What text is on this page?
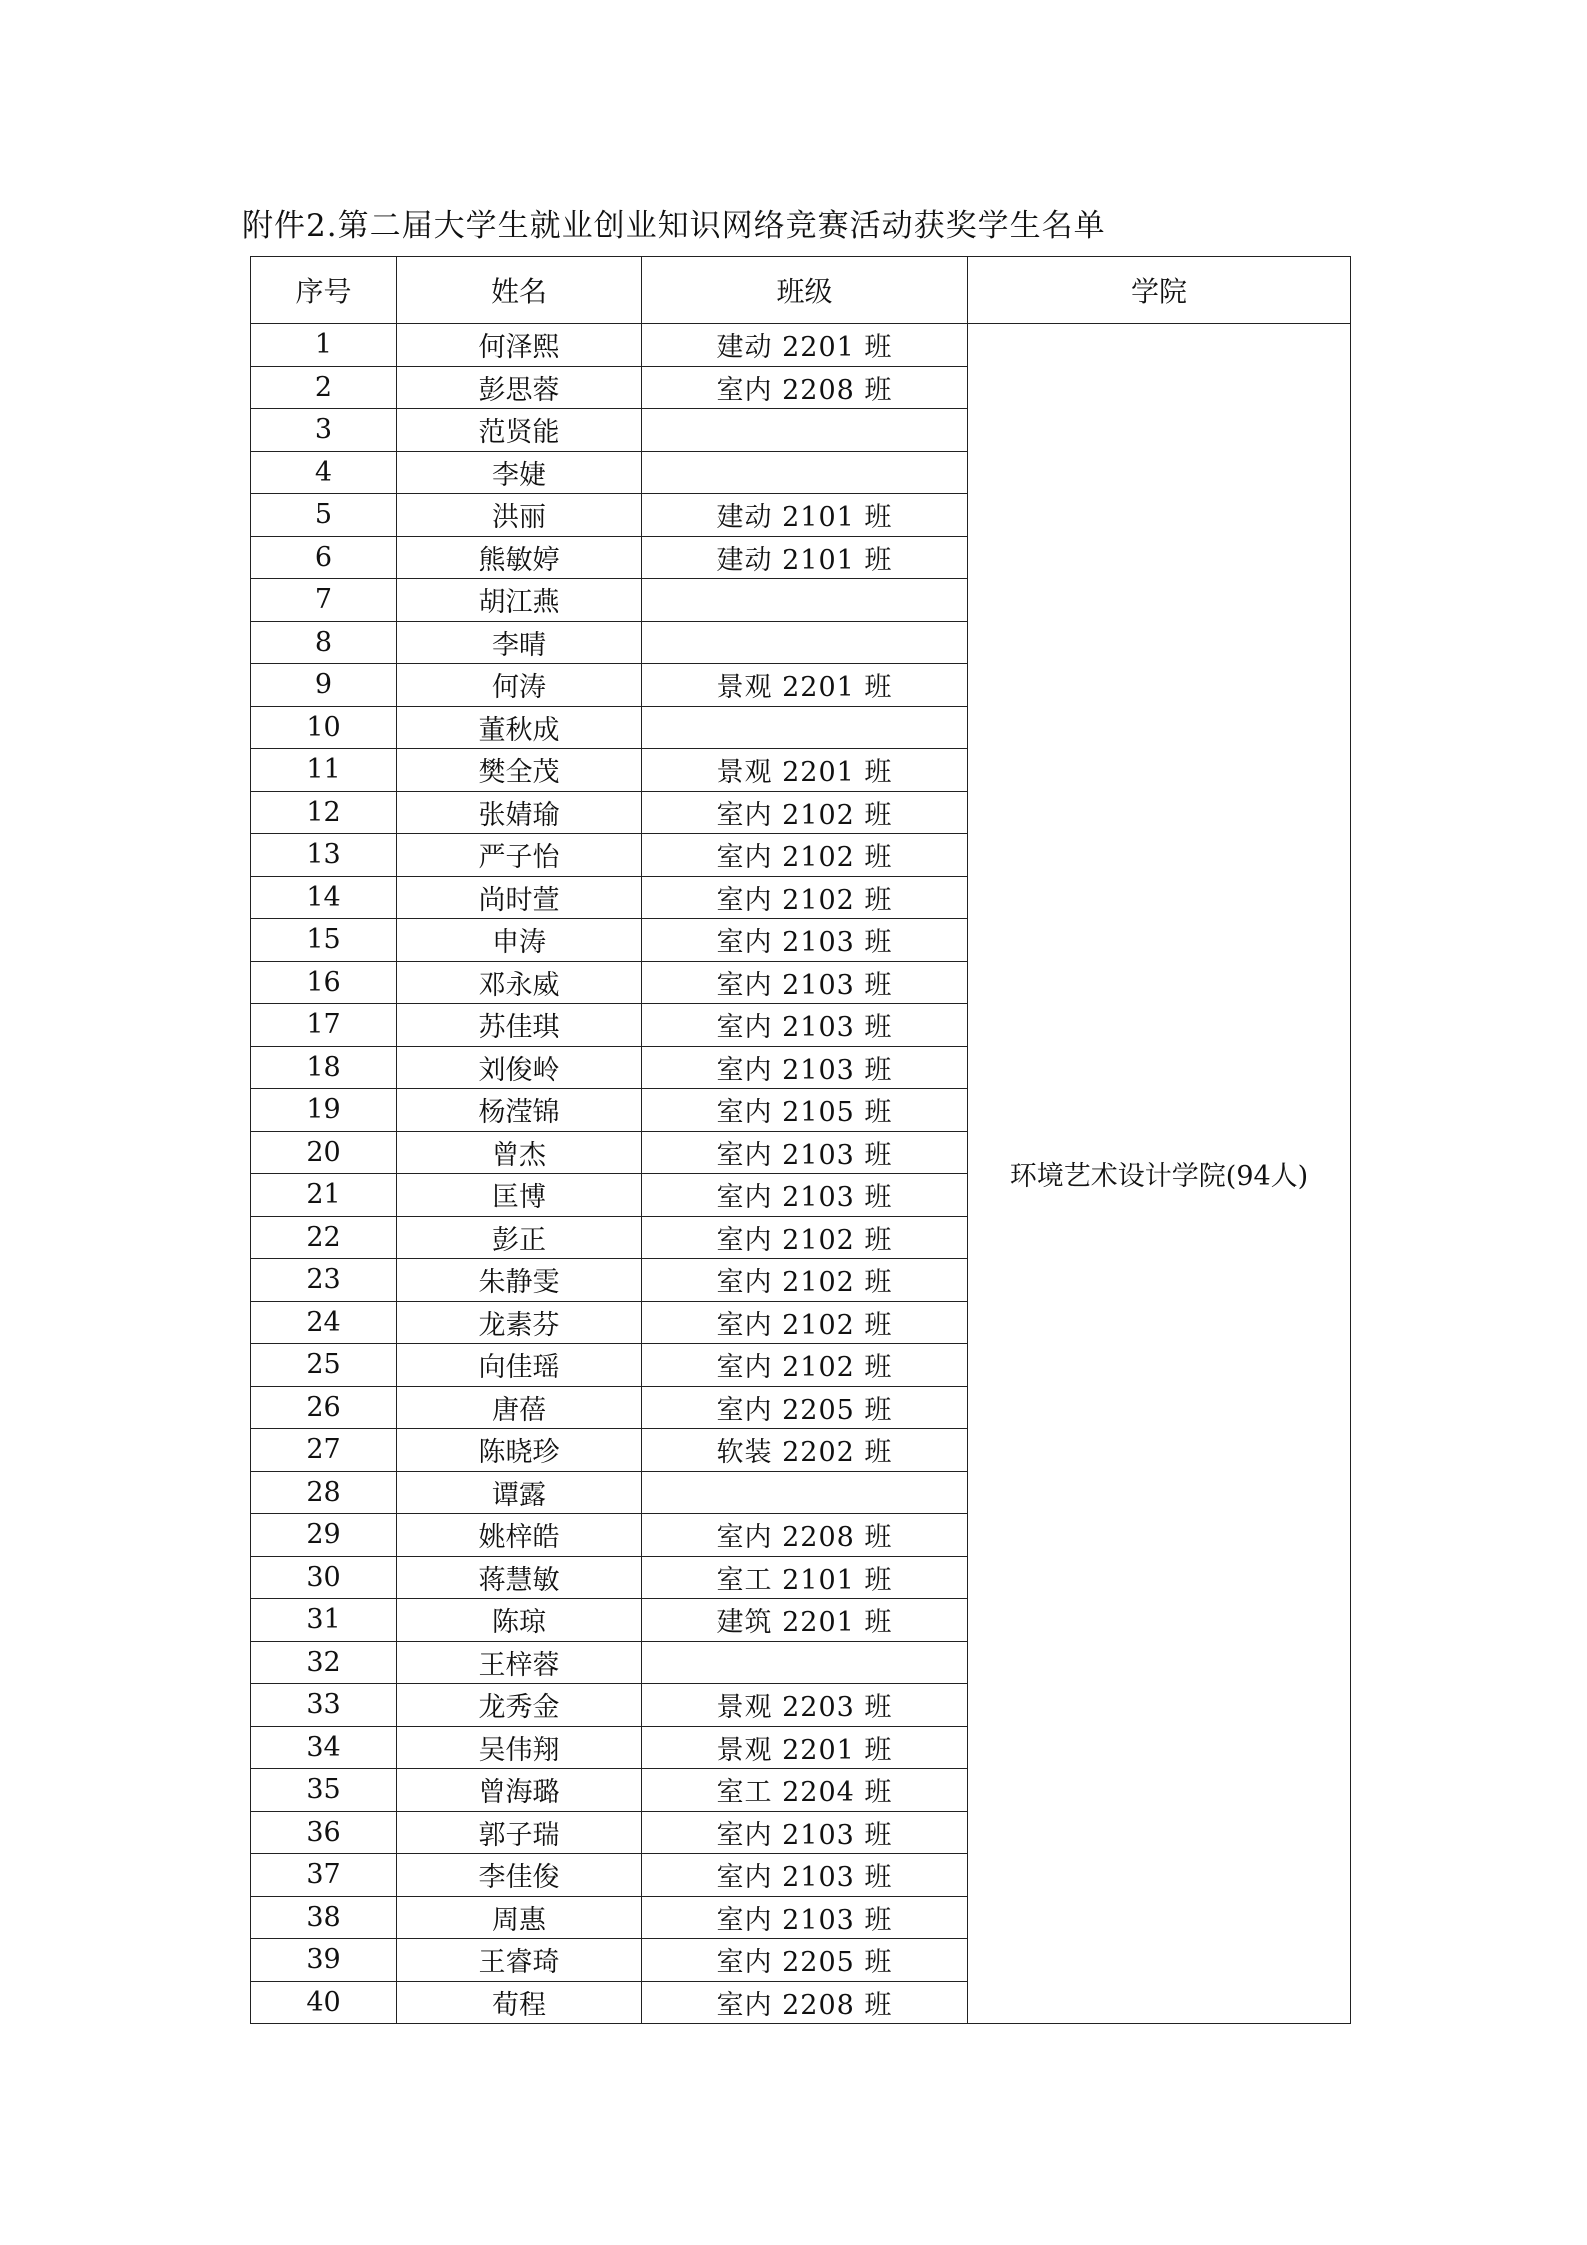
附件2.第二届大学生就业创业知识网络竞赛活动获奖学生名单
序号	姓名	班级	学院
1	何泽熙	建动 2201 班	环境艺术设计学院(94人)
2	彭思蓉	室内 2208 班	
3	范贤能		
4	李婕		
5	洪丽	建动 2101 班	
6	熊敏婷	建动 2101 班	
7	胡江燕		
8	李晴		
9	何涛	景观 2201 班	
10	董秋成		
11	樊全茂	景观 2201 班	
12	张婧瑜	室内 2102 班	
13	严子怡	室内 2102 班	
14	尚时萱	室内 2102 班	
15	申涛	室内 2103 班	
16	邓永威	室内 2103 班	
17	苏佳琪	室内 2103 班	
18	刘俊岭	室内 2103 班	
19	杨滢锦	室内 2105 班	
20	曾杰	室内 2103 班	
21	匡博	室内 2103 班	
22	彭正	室内 2102 班	
23	朱静雯	室内 2102 班	
24	龙素芬	室内 2102 班	
25	向佳瑶	室内 2102 班	
26	唐蓓	室内 2205 班	
27	陈晓珍	软装 2202 班	
28	谭露		
29	姚梓皓	室内 2208 班	
30	蒋慧敏	室工 2101 班	
31	陈琼	建筑 2201 班	
32	王梓蓉		
33	龙秀金	景观 2203 班	
34	吴伟翔	景观 2201 班	
35	曾海璐	室工 2204 班	
36	郭子瑞	室内 2103 班	
37	李佳俊	室内 2103 班	
38	周惠	室内 2103 班	
39	王睿琦	室内 2205 班	
40	荀程	室内 2208 班	
